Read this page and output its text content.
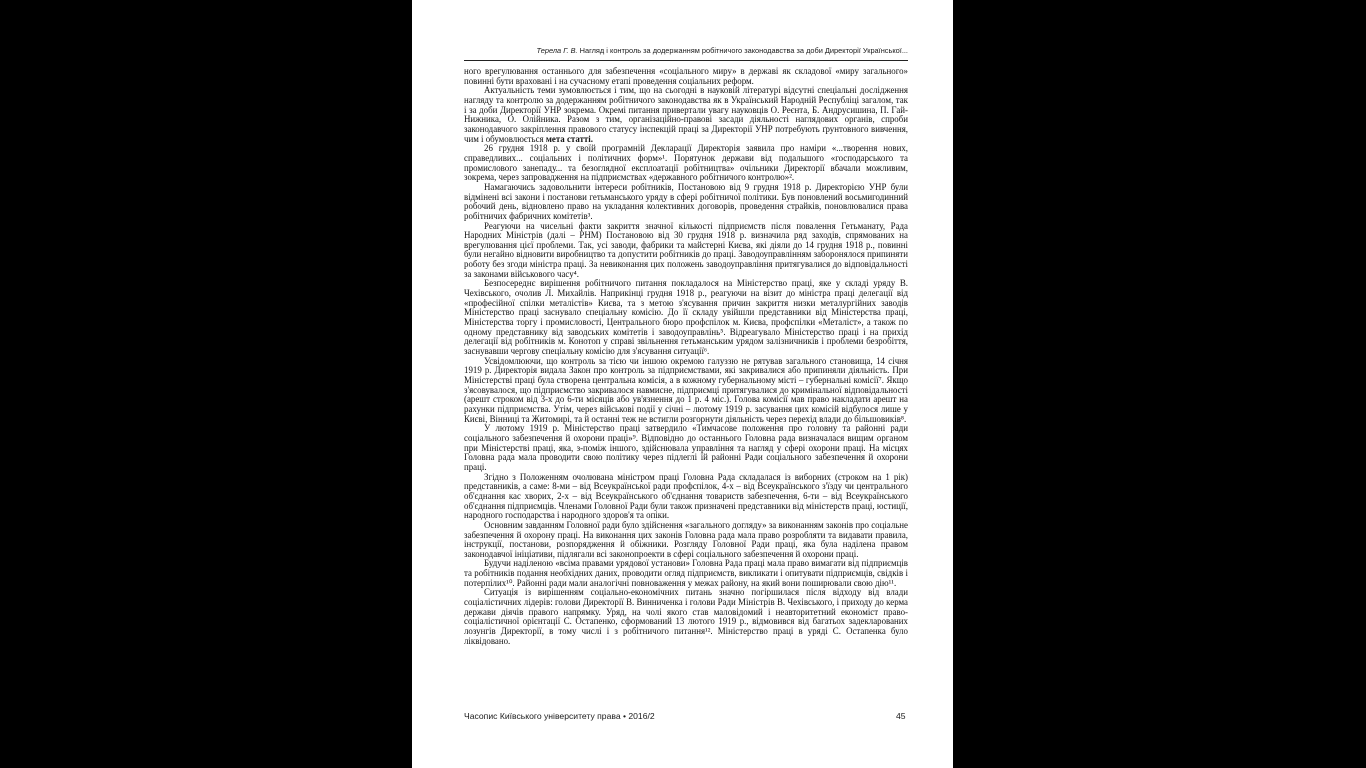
Терела Г. В. Нагляд і контроль за додержанням робітничого законодавства за доби Директорії Української...

ного врегулювання останнього для забезпечення «соціального миру» в державі як складової «миру загального» повинні бути враховані і на сучасному етапі проведення соціальних реформ.

Актуальність теми зумовлюється і тим, що на сьогодні в науковій літературі відсутні спеціальні дослідження нагляду та контролю за додержанням робітничого законодавства як в Український Народній Республіці загалом, так і за доби Директорії УНР зокрема. Окремі питання привертали увагу науковців О. Реєнта, Б. Андрусишина, П. Гай-Нижника, О. Олійника. Разом з тим, організаційно-правові засади діяльності наглядових органів, спроби законодавчого закріплення правового статусу інспекцій праці за Директорії УНР потребують ґрунтовного вивчення, чим і обумовлюється мета статті.

26 грудня 1918 р. у своїй програмній Декларації Директорія заявила про наміри «...творення нових, справедливих... соціальних і політичних форм»¹. Порятунок держави від подальшого «господарського та промислового занепаду... та безоглядної експлоатації робітництва» очільники Директорії вбачали можливим, зокрема, через запровадження на підприємствах «державного робітничого контролю»².

Намагаючись задовольнити інтереси робітників, Постановою від 9 грудня 1918 р. Директорією УНР були відмінені всі закони і постанови гетьманського уряду в сфері робітничої політики. Був поновлений восьмигодинний робочий день, відновлено право на укладання колективних договорів, проведення страйків, поновлювалися права робітничих фабричних комітетів³.

Реагуючи на чисельні факти закриття значної кількості підприємств після повалення Гетьманату, Рада Народних Міністрів (далі – РНМ) Постановою від 30 грудня 1918 р. визначила ряд заходів, спрямованих на врегулювання цієї проблеми. Так, усі заводи, фабрики та майстерні Києва, які діяли до 14 грудня 1918 р., повинні були негайно відновити виробництво та допустити робітників до праці. Заводоуправлінням заборонялося припиняти роботу без згоди міністра праці. За невиконання цих положень заводоуправління притягувалися до відповідальності за законами військового часу⁴.

Безпосереднє вирішення робітничого питання покладалося на Міністерство праці, яке у складі уряду В. Чехівського, очолив Л. Михайлів. Наприкінці грудня 1918 р., реагуючи на візит до міністра праці делегації від «професійної спілки металістів» Києва, та з метою з'ясування причин закриття низки металургійних заводів Міністерство праці заснувало спеціальну комісію. До її складу увійшли представники від Міністерства праці, Міністерства торгу і промисловості, Центрального бюро профспілок м. Києва, профспілки «Металіст», а також по одному представнику від заводських комітетів і заводоуправлінь⁵. Відреагувало Міністерство праці і на прихід делегації від робітників м. Конотоп у справі звільнення гетьманським урядом залізничників і проблеми безробіття, заснувавши чергову спеціальну комісію для з'ясування ситуації⁶.

Усвідомлюючи, що контроль за тією чи іншою окремою галуззю не рятував загального становища, 14 січня 1919 р. Директорія видала Закон про контроль за підприємствами, які закривалися або припиняли діяльність. При Міністерстві праці була створена центральна комісія, а в кожному губернальному місті – губернальні комісії⁷. Якщо з'ясовувалося, що підприємство закривалося навмисне, підприємці притягувалися до кримінальної відповідальності (арешт строком від 3-х до 6-ти місяців або ув'язнення до 1 р. 4 міс.). Голова комісії мав право накладати арешт на рахунки підприємства. Утім, через військові події у січні – лютому 1919 р. засування цих комісій відбулося лише у Києві, Вінниці та Житомирі, та й останні теж не встигли розгорнути діяльність через перехід влади до більшовиків⁸.

У лютому 1919 р. Міністерство праці затвердило «Тимчасове положення про головну та районні ради соціального забезпечення й охорони праці»⁹. Відповідно до останнього Головна рада визначалася вищим органом при Міністерстві праці, яка, з-поміж іншого, здійснювала управління та нагляд у сфері охорони праці. На місцях Головна рада мала проводити свою політику через підлеглі їй районні Ради соціального забезпечення й охорони праці.

Згідно з Положенням очолювана міністром праці Головна Рада складалася із виборних (строком на 1 рік) представників, а саме: 8-ми – від Всеукраїнської ради профспілок, 4-х – від Всеукраїнського з'їзду чи центрального об'єднання кас хворих, 2-х – від Всеукраїнського об'єднання товариств забезпечення, 6-ти – від Всеукраїнського об'єднання підприємців. Членами Головної Ради були також призначені представники від міністерств праці, юстиції, народного господарства і народного здоров'я та опіки.

Основним завданням Головної ради було здійснення «загального догляду» за виконанням законів про соціальне забезпечення й охорону праці. На виконання цих законів Головна рада мала право розробляти та видавати правила, інструкції, постанови, розпорядження й обіжники. Розгляду Головної Ради праці, яка була наділена правом законодавчої ініціативи, підлягали всі законопроекти в сфері соціального забезпечення й охорони праці.

Будучи наділеною «всіма правами урядової установи» Головна Рада праці мала право вимагати від підприємців та робітників подання необхідних даних, проводити огляд підприємств, викликати і опитувати підприємців, свідків і потерпілих¹⁰. Районні ради мали аналогічні повноваження у межах району, на який вони поширювали свою дію¹¹.

Ситуація із вирішенням соціально-економічних питань значно погіршилася після відходу від влади соціалістичних лідерів: голови Директорії В. Винниченка і голови Ради Міністрів В. Чехівського, і приходу до керма держави діячів правого напрямку. Уряд, на чолі якого став маловідомий і неавторитетний економіст право-соціалістичної орієнтації С. Остапенко, сформований 13 лютого 1919 р., відмовився від багатьох задекларованих лозунгів Директорії, в тому числі і з робітничого питання¹². Міністерство праці в уряді С. Остапенка було ліквідовано.

Часопис Київського університету права • 2016/2	45
